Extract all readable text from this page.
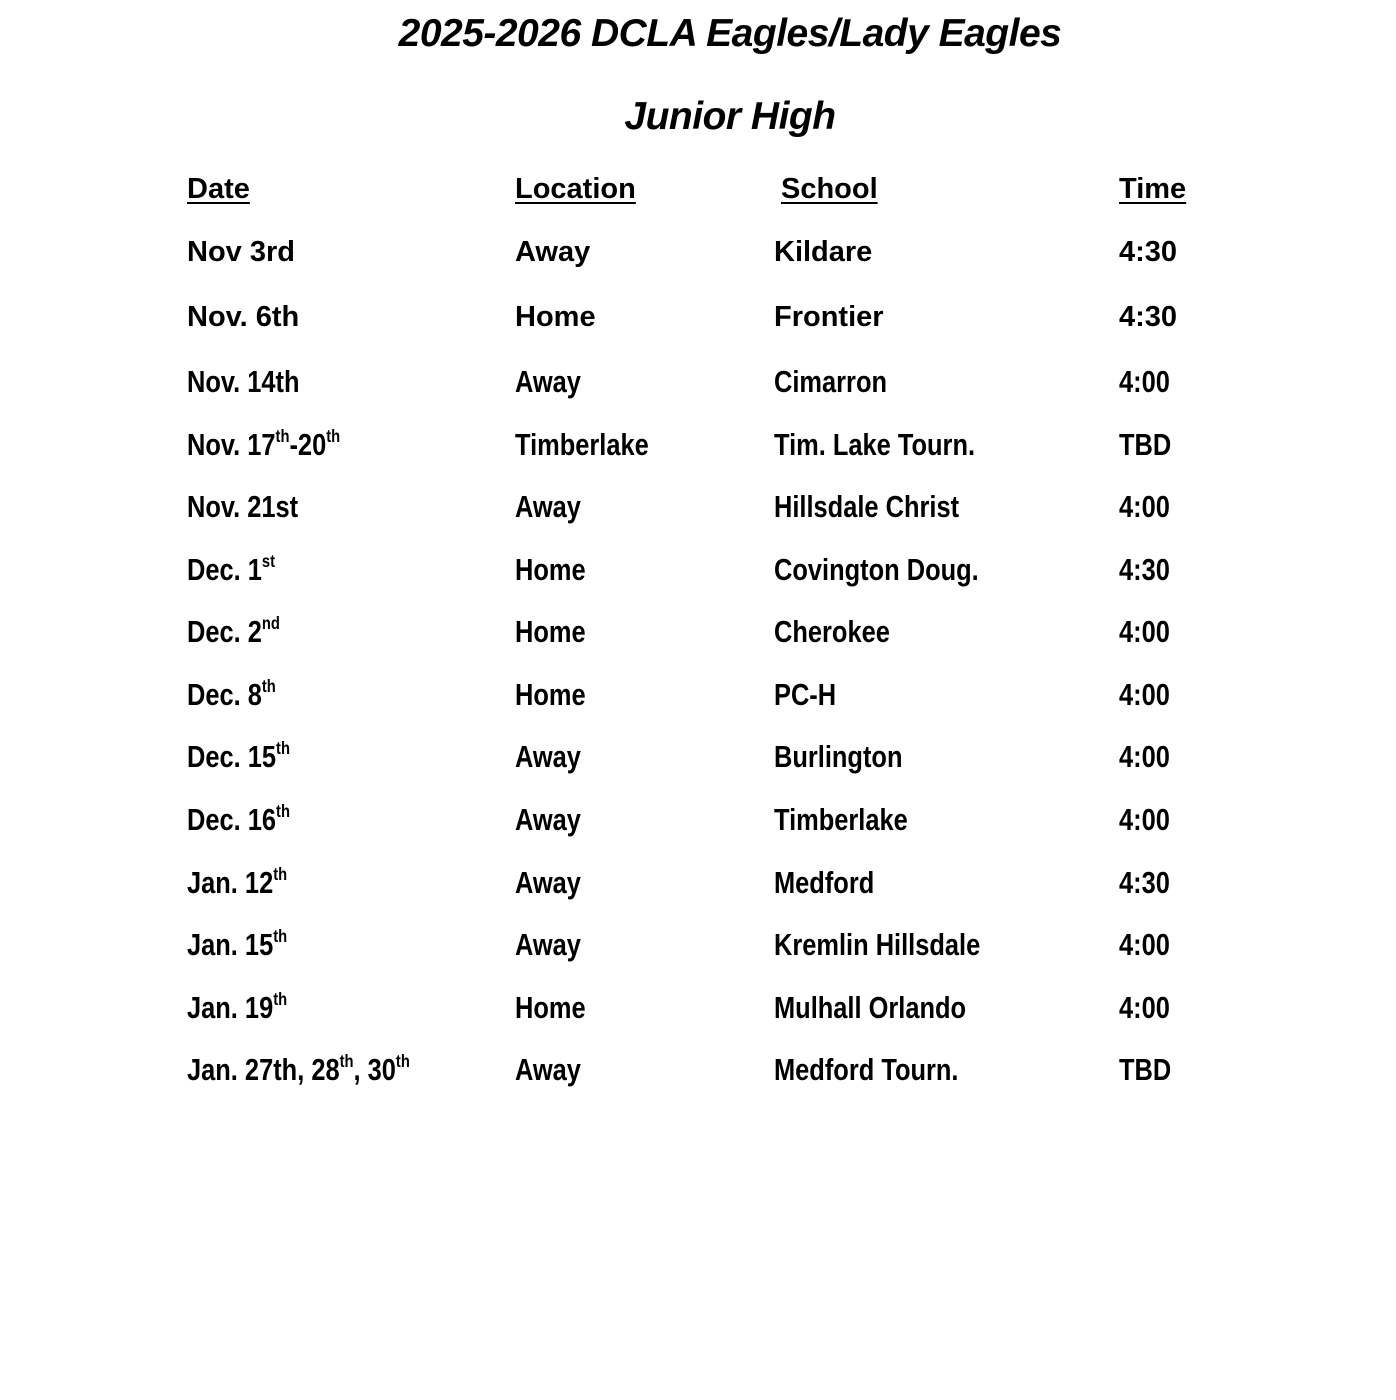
2025-2026 DCLA Eagles/Lady Eagles
Junior High
Date	Location	School	Time
Nov 3rd	Away	Kildare	4:30
Nov. 6th	Home	Frontier	4:30
Nov. 14th	Away	Cimarron	4:00
Nov. 17th-20th	Timberlake	Tim. Lake Tourn.	TBD
Nov. 21st	Away	Hillsdale Christ	4:00
Dec. 1st	Home	Covington Doug.	4:30
Dec. 2nd	Home	Cherokee	4:00
Dec. 8th	Home	PC-H	4:00
Dec. 15th	Away	Burlington	4:00
Dec. 16th	Away	Timberlake	4:00
Jan. 12th	Away	Medford	4:30
Jan. 15th	Away	Kremlin Hillsdale	4:00
Jan. 19th	Home	Mulhall Orlando	4:00
Jan. 27th, 28th, 30th	Away	Medford Tourn.	TBD
